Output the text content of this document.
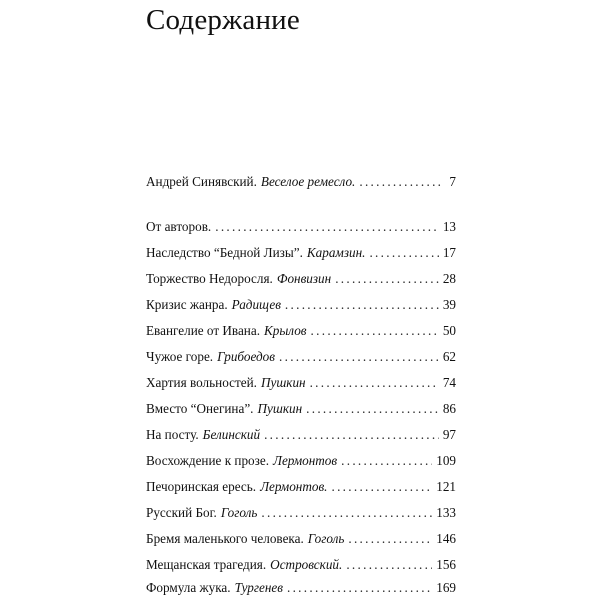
Содержание
Андрей Синявский. Веселое ремесло. . . .	7
От авторов. . . .	13
Наследство “Бедной Лизы”. Карамзин. . . .	17
Торжество Недоросля. Фонвизин . . .	28
Кризис жанра. Радищев . . .	39
Евангелие от Ивана. Крылов . . .	50
Чужое горе. Грибоедов . . .	62
Хартия вольностей. Пушкин . . .	74
Вместо “Онегина”. Пушкин . . .	86
На посту. Белинский . . .	97
Восхождение к прозе. Лермонтов . . .	109
Печоринская ересь. Лермонтов. . . .	121
Русский Бог. Гоголь . . .	133
Бремя маленького человека. Гоголь . . .	146
Мещанская трагедия. Островский. . . .	156
Формула жука. Тургенев . . .	169
